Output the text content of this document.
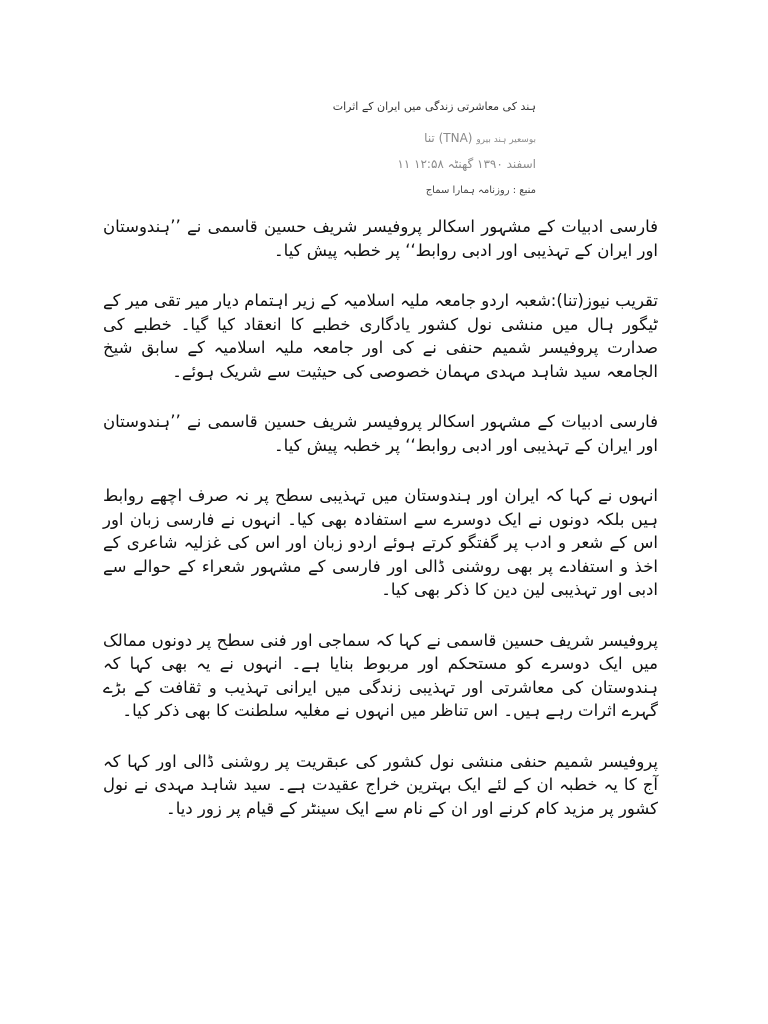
ہند کی معاشرتی زندگی میں ایران کے اثرات
بوسعیر ہند بیرو (TNA) تنا
اسفند ۱۳۹۰ گھنٹہ ۱۲:۵۸ ۱۱
منبع : روزنامہ ہمارا سماج

فارسی ادبیات کے مشہور اسکالر پروفیسر شریف حسین قاسمی نے ’’ہندوستان اور ایران کے تہذیبی اور ادبی روابط‘‘ پر خطبہ پیش کیا۔

تقریب نیوز(تنا):شعبہ اردو جامعہ ملیہ اسلامیہ کے زیر اہتمام دیار میر تقی میر کے ٹیگور ہال میں منشی نول کشور یادگاری خطبے کا انعقاد کیا گیا۔ خطبے کی صدارت پروفیسر شمیم حنفی نے کی اور جامعہ ملیہ اسلامیہ کے سابق شیخ الجامعہ سید شاہد مہدی مہمان خصوصی کی حیثیت سے شریک ہوئے۔

فارسی ادبیات کے مشہور اسکالر پروفیسر شریف حسین قاسمی نے ’’ہندوستان اور ایران کے تہذیبی اور ادبی روابط‘‘ پر خطبہ پیش کیا۔

انہوں نے کہا کہ ایران اور ہندوستان میں تہذیبی سطح پر نہ صرف اچھے روابط ہیں بلکہ دونوں نے ایک دوسرے سے استفادہ بھی کیا۔ انہوں نے فارسی زبان اور اس کے شعر و ادب پر گفتگو کرتے ہوئے اردو زبان اور اس کی غزلیہ شاعری کے اخذ و استفادے پر بھی روشنی ڈالی اور فارسی کے مشہور شعراء کے حوالے سے ادبی اور تہذیبی لین دین کا ذکر بھی کیا۔

پروفیسر شریف حسین قاسمی نے کہا کہ سماجی اور فنی سطح پر دونوں ممالک میں ایک دوسرے کو مستحکم اور مربوط بنایا ہے۔ انہوں نے یہ بھی کہا کہ ہندوستان کی معاشرتی اور تہذیبی زندگی میں ایرانی تہذیب و ثقافت کے بڑے گہرے اثرات رہے ہیں۔ اس تناظر میں انہوں نے مغلیہ سلطنت کا بھی ذکر کیا۔

پروفیسر شمیم حنفی منشی نول کشور کی عبقریت پر روشنی ڈالی اور کہا کہ آج کا یہ خطبہ ان کے لئے ایک بہترین خراج عقیدت ہے۔ سید شاہد مہدی نے نول کشور پر مزید کام کرنے اور ان کے نام سے ایک سینٹر کے قیام پر زور دیا۔
